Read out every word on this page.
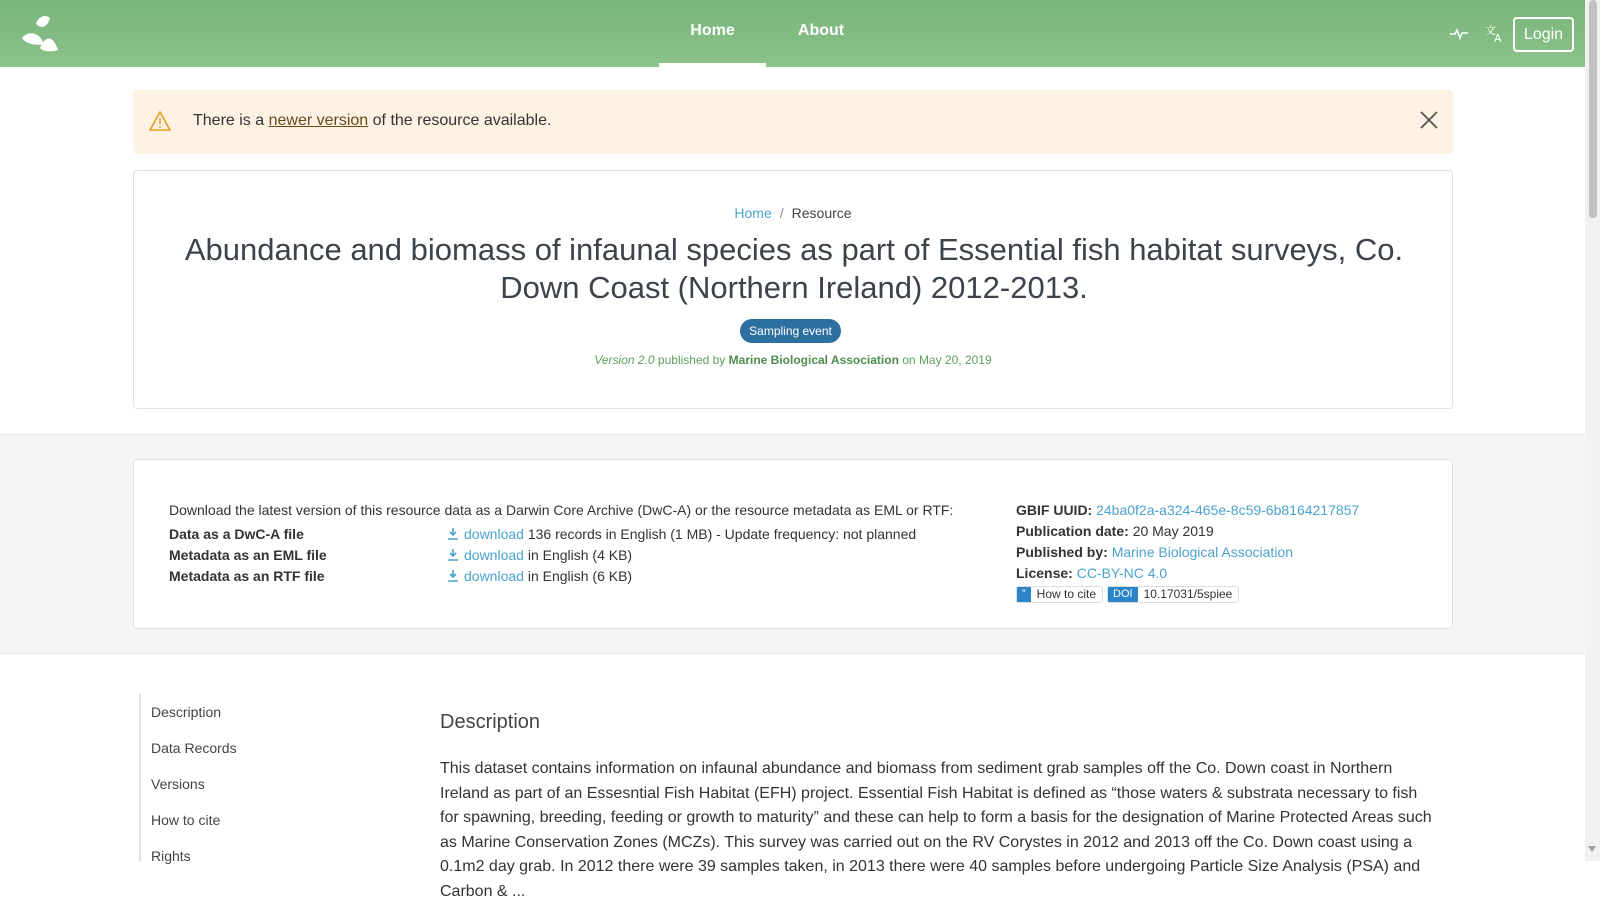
Home	About	文
A	Login
There is a newer version of the resource available.
Home / Resource
Abundance and biomass of infaunal species as part of Essential fish habitat surveys, Co. Down Coast (Northern Ireland) 2012-2013.
Sampling event
Version 2.0 published by Marine Biological Association on May 20, 2019
Download the latest version of this resource data as a Darwin Core Archive (DwC-A) or the resource metadata as EML or RTF:
Data as a DwC-A file	download 136 records in English (1 MB) - Update frequency: not planned
Metadata as an EML file	download in English (4 KB)
Metadata as an RTF file	download in English (6 KB)
GBIF UUID: 24ba0f2a-a324-465e-8c59-6b8164217857
Publication date: 20 May 2019
Published by: Marine Biological Association
License: CC-BY-NC 4.0
” How to cite DOI 10.17031/5spiee
Description
Data Records
Versions
How to cite
Rights
Description

This dataset contains information on infaunal abundance and biomass from sediment grab samples off the Co. Down coast in Northern Ireland as part of an Essesntial Fish Habitat (EFH) project. Essential Fish Habitat is defined as “those waters & substrata necessary to fish for spawning, breeding, feeding or growth to maturity” and these can help to form a basis for the designation of Marine Protected Areas such as Marine Conservation Zones (MCZs). This survey was carried out on the RV Corystes in 2012 and 2013 off the Co. Down coast using a 0.1m2 day grab. In 2012 there were 39 samples taken, in 2013 there were 40 samples before undergoing Particle Size Analysis (PSA) and Carbon & ...
